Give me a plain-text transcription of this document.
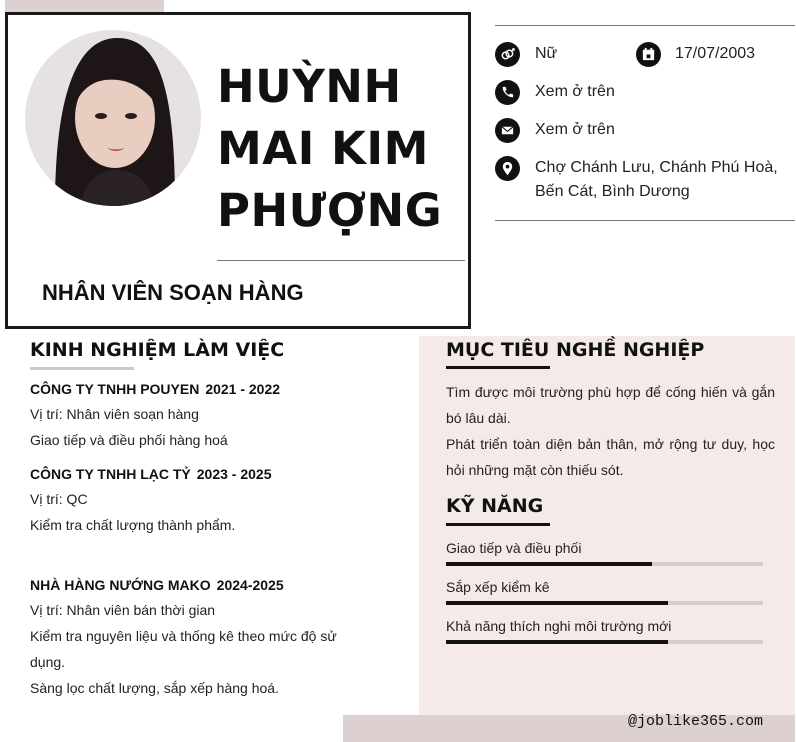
HUỲNH
MAI KIM
PHƯỢNG
NHÂN VIÊN SOẠN HÀNG
Nữ	17/07/2003
Xem ở trên
Xem ở trên
Chợ Chánh Lưu, Chánh Phú Hoà,
Bến Cát, Bình Dương
KINH NGHIỆM LÀM VIỆC
CÔNG TY TNHH POUYEN 2021 - 2022
Vị trí: Nhân viên soạn hàng
Giao tiếp và điều phối hàng hoá
CÔNG TY TNHH LẠC TỶ 2023 - 2025
Vị trí: QC
Kiểm tra chất lượng thành phẩm.
NHÀ HÀNG NƯỚNG MAKO 2024-2025
Vị trí: Nhân viên bán thời gian
Kiểm tra nguyên liệu và thống kê theo mức độ sử
dụng.
Sàng lọc chất lượng, sắp xếp hàng hoá.
MỤC TIÊU NGHỀ NGHIỆP

Tìm được môi trường phù hợp để cống hiến và gắn bó lâu dài.

Phát triển toàn diện bản thân, mở rộng tư duy, học hỏi những mặt còn thiếu sót.

KỸ NĂNG
Giao tiếp và điều phối
Sắp xếp kiểm kê
Khả năng thích nghi môi trường mới
@joblike365.com
